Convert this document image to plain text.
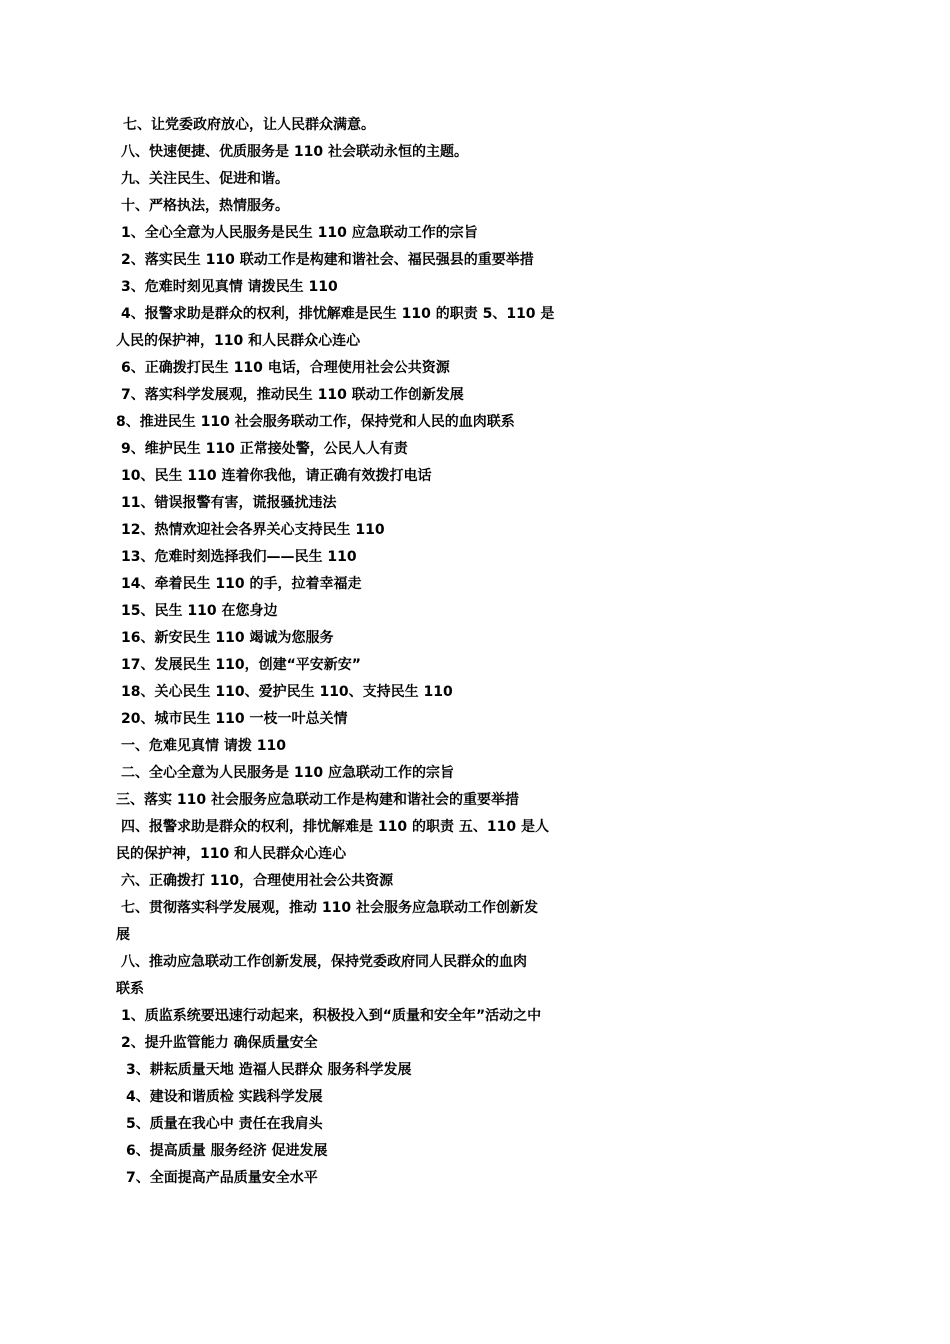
七、让党委政府放心，让人民群众满意。
八、快速便捷、优质服务是 110 社会联动永恒的主题。
九、关注民生、促进和谐。
十、严格执法，热情服务。
1、全心全意为人民服务是民生 110 应急联动工作的宗旨
2、落实民生 110 联动工作是构建和谐社会、福民强县的重要举措
3、危难时刻见真情 请拨民生 110
4、报警求助是群众的权利，排忧解难是民生 110 的职责 5、110 是
人民的保护神，110 和人民群众心连心
6、正确拨打民生 110 电话，合理使用社会公共资源
7、落实科学发展观，推动民生 110 联动工作创新发展
8、推进民生 110 社会服务联动工作，保持党和人民的血肉联系
9、维护民生 110 正常接处警，公民人人有责
10、民生 110 连着你我他，请正确有效拨打电话
11、错误报警有害，谎报骚扰违法
12、热情欢迎社会各界关心支持民生 110
13、危难时刻选择我们——民生 110
14、牵着民生 110 的手，拉着幸福走
15、民生 110 在您身边
16、新安民生 110 竭诚为您服务
17、发展民生 110，创建“平安新安”
18、关心民生 110、爱护民生 110、支持民生 110
20、城市民生 110 一枝一叶总关情
一、危难见真情 请拨 110
二、全心全意为人民服务是 110 应急联动工作的宗旨
三、落实 110 社会服务应急联动工作是构建和谐社会的重要举措
四、报警求助是群众的权利，排忧解难是 110 的职责 五、110 是人
民的保护神，110 和人民群众心连心
六、正确拨打 110，合理使用社会公共资源
七、贯彻落实科学发展观，推动 110 社会服务应急联动工作创新发
展
八、推动应急联动工作创新发展，保持党委政府同人民群众的血肉
联系
1、质监系统要迅速行动起来，积极投入到“质量和安全年”活动之中
2、提升监管能力 确保质量安全
3、耕耘质量天地 造福人民群众 服务科学发展
4、建设和谐质检 实践科学发展
5、质量在我心中 责任在我肩头
6、提高质量 服务经济 促进发展
7、全面提高产品质量安全水平
